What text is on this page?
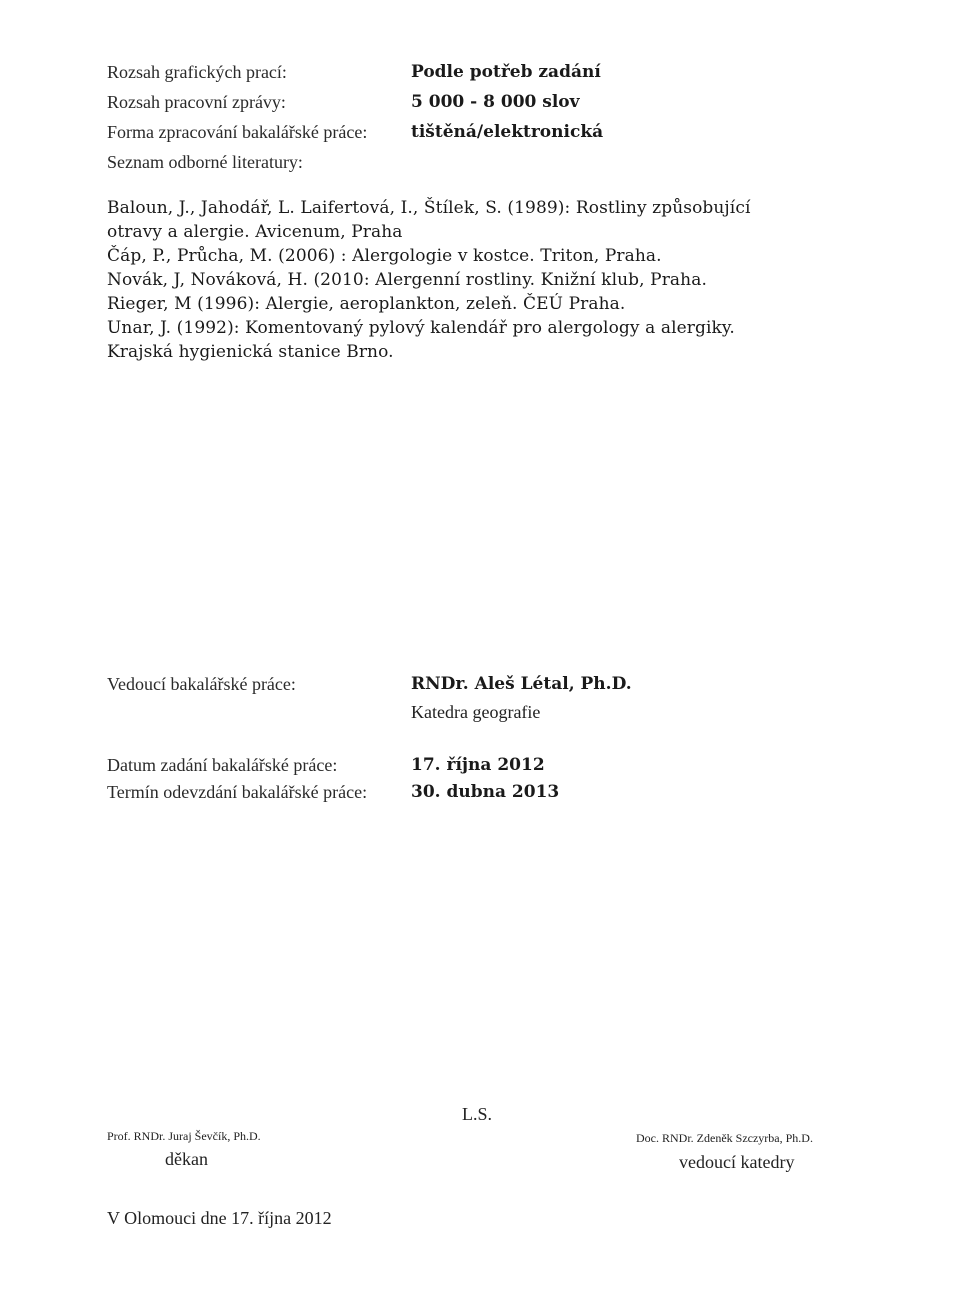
Rozsah grafických prací:	Podle potřeb zadání
Rozsah pracovní zprávy:	5 000 - 8 000 slov
Forma zpracování bakalářské práce:	tištěná/elektronická
Seznam odborné literatury:
Baloun, J., Jahodář, L. Laifertová, I., Štílek, S. (1989): Rostliny způsobující
otravy a alergie. Avicenum, Praha
Čáp, P., Průcha, M. (2006) : Alergologie v kostce. Triton, Praha.
Novák, J, Nováková, H. (2010: Alergenní rostliny. Knižní klub, Praha.
Rieger, M (1996): Alergie, aeroplankton, zeleň. ČEÚ Praha.
Unar, J. (1992): Komentovaný pylový kalendář pro alergology a alergiky.
Krajská hygienická stanice Brno.
Vedoucí bakalářské práce:	RNDr. Aleš Létal, Ph.D.
Katedra geografie
Datum zadání bakalářské práce:	17. října 2012
Termín odevzdání bakalářské práce:	30. dubna 2013
L.S.
Prof. RNDr. Juraj Ševčík, Ph.D.
děkan
Doc. RNDr. Zdeněk Szczyrba, Ph.D.
vedoucí katedry
V Olomouci dne 17. října 2012
